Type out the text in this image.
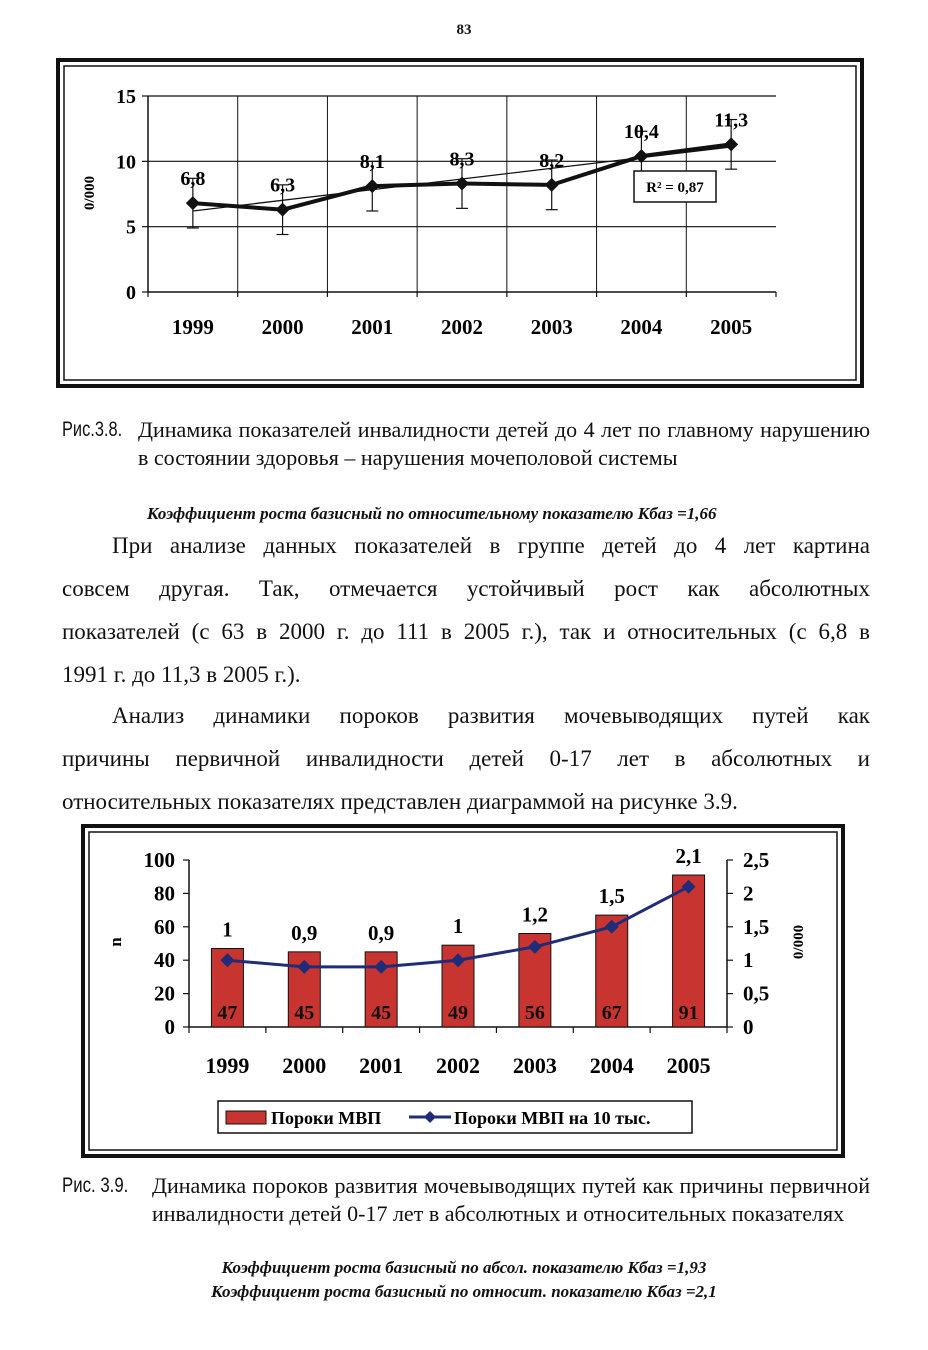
83
6,8	6,3
8,1	8,3	8,2
10,4
11,3
0
5
10
15
1999 2000 2001 2002 2003 2004 2005
0/000	R² = 0,87
Рис.3.8. Динамика показателей инвалидности детей до 4 лет по главному нарушению в состоянии здоровья – нарушения мочеполовой системы
Коэффициент роста базисный по относительному показателю Кбаз =1,66
При анализе данных показателей в группе детей до 4 лет картина
совсем другая. Так, отмечается устойчивый рост как абсолютных
показателей (с 63 в 2000 г. до 111 в 2005 г.), так и относительных (с 6,8 в
1991 г. до 11,3 в 2005 г.).
Анализ динамики пороков развития мочевыводящих путей как
причины первичной инвалидности детей 0-17 лет в абсолютных и
относительных показателях представлен диаграммой на рисунке 3.9.
47	45	45	49	56	67	91
1	0,9 0,9	1	1,2
1,5
2,1
0
20
40
60
80
100
0
0,5
1
1,5
2
2,5
1999 2000 2001 2002 2003 2004 2005
n	0/000
Пороки МВП	Пороки МВП на 10 тыс.
Рис. 3.9. Динамика пороков развития мочевыводящих путей как причины первичной инвалидности детей 0-17 лет в абсолютных и относительных показателях
Коэффициент роста базисный по абсол. показателю Кбаз =1,93
Коэффициент роста базисный по относит. показателю Кбаз =2,1
